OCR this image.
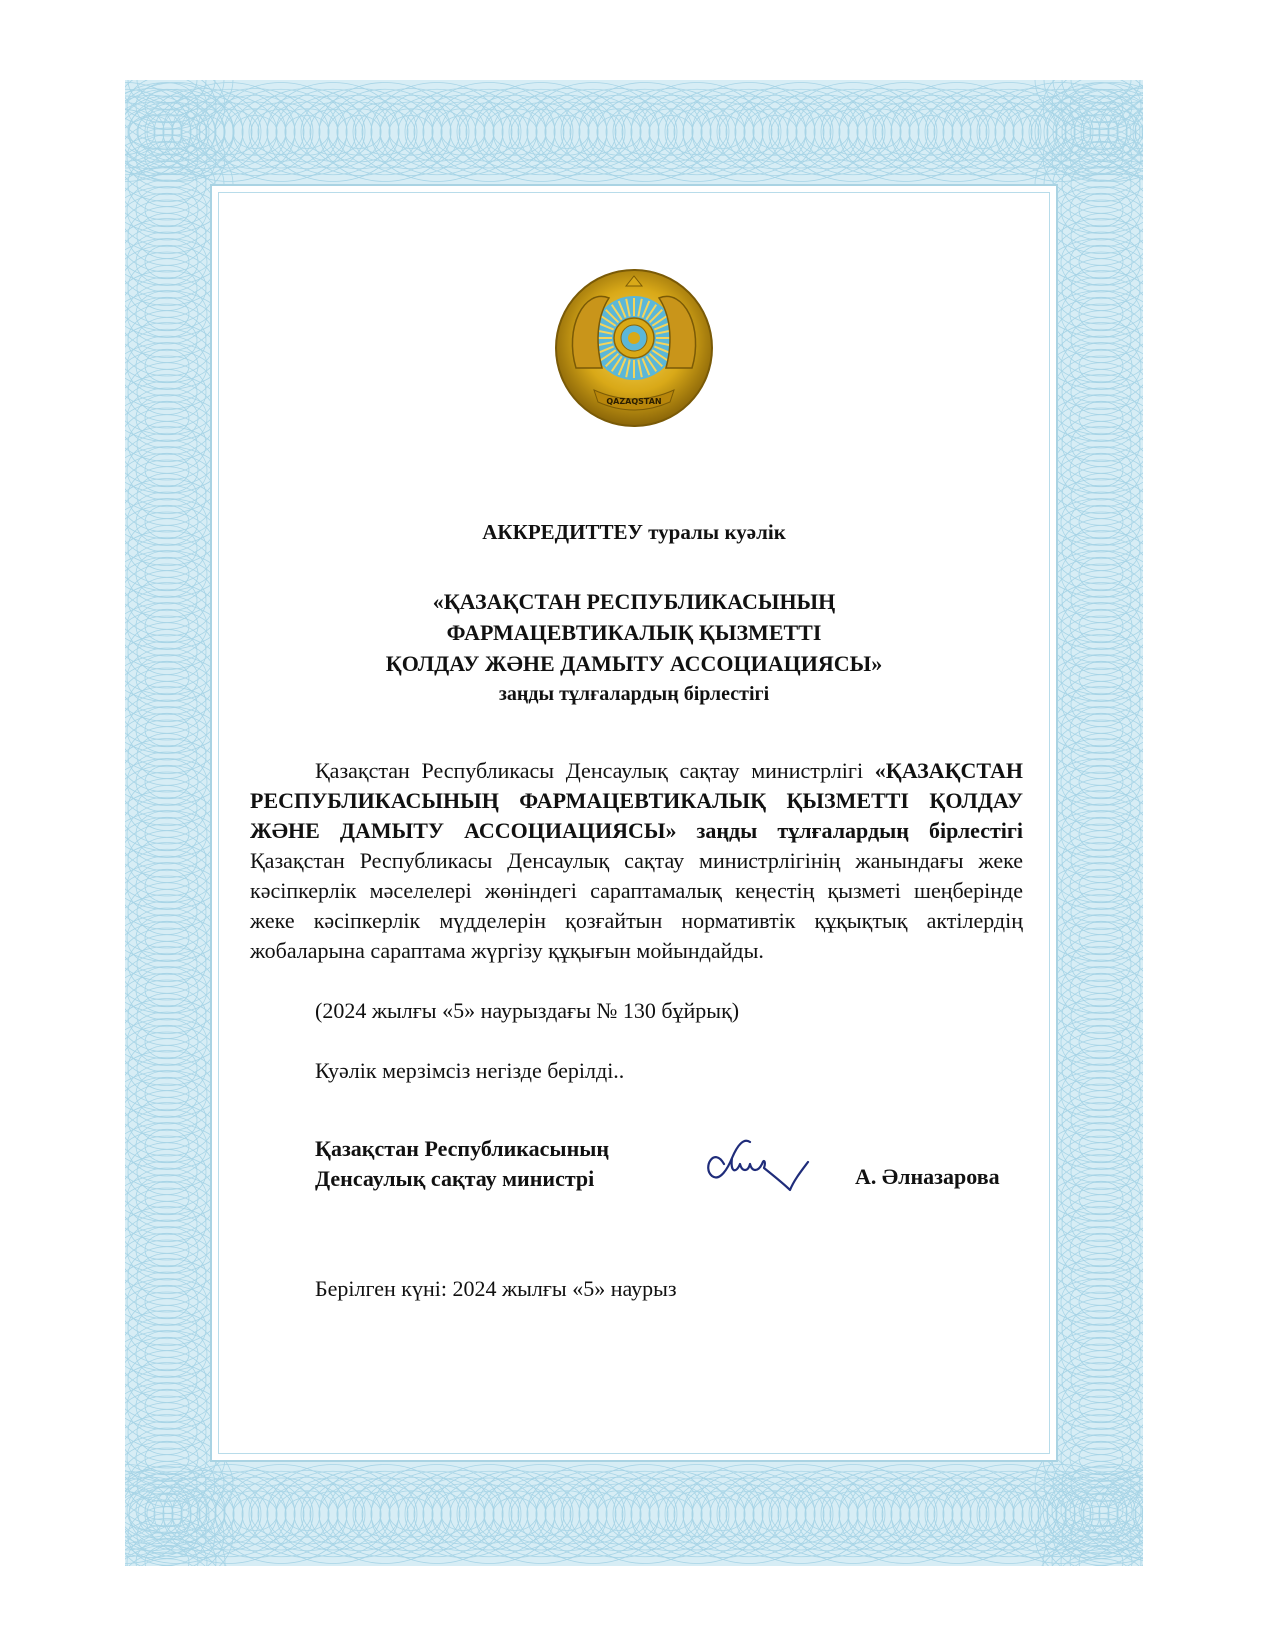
QAZAQSTAN
АККРЕДИТТЕУ туралы куәлік
«ҚАЗАҚСТАН РЕСПУБЛИКАСЫНЫҢ
ФАРМАЦЕВТИКАЛЫҚ ҚЫЗМЕТТІ
ҚОЛДАУ ЖӘНЕ ДАМЫТУ АССОЦИАЦИЯСЫ»
заңды тұлғалардың бірлестігі

Қазақстан Республикасы Денсаулық сақтау министрлігі «ҚАЗАҚСТАН РЕСПУБЛИКАСЫНЫҢ ФАРМАЦЕВТИКАЛЫҚ ҚЫЗМЕТТІ ҚОЛДАУ ЖӘНЕ ДАМЫТУ АССОЦИАЦИЯСЫ» заңды тұлғалардың бірлестігі Қазақстан Республикасы Денсаулық сақтау министрлігінің жанындағы жеке кәсіпкерлік мәселелері жөніндегі сараптамалық кеңестің қызметі шеңберінде жеке кәсіпкерлік мүдделерін қозғайтын нормативтік құқықтық актілердің жобаларына сараптама жүргізу құқығын мойындайды.

(2024 жылғы «5» наурыздағы № 130 бұйрық)

Куәлік мерзімсіз негізде берілді..

Қазақстан Республикасының
Денсаулық сақтау министрі	А. Әлназарова

Берілген күні: 2024 жылғы «5» наурыз
